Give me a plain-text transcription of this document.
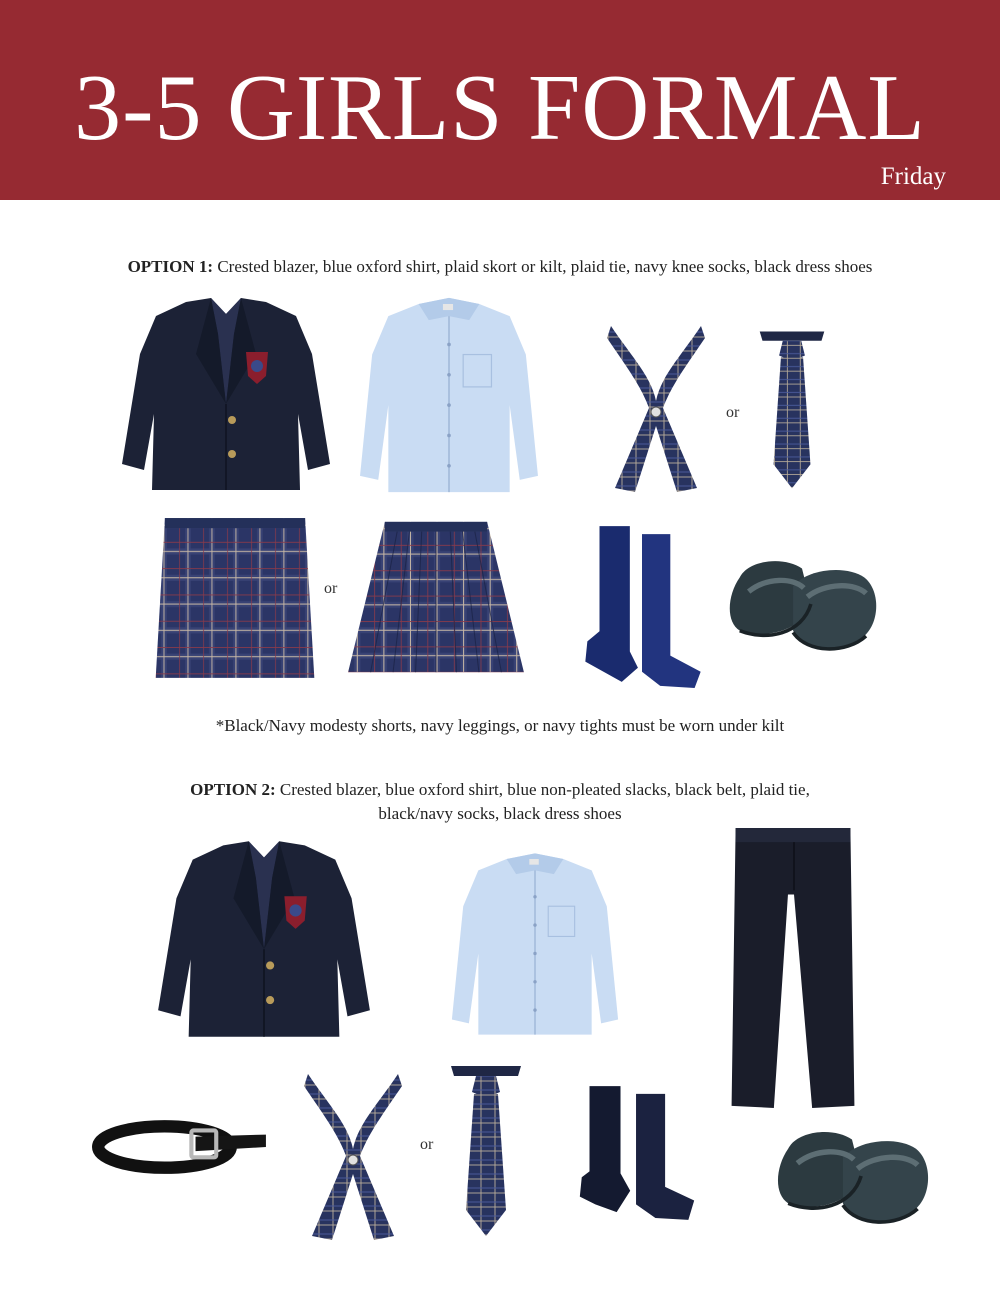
3-5 GIRLS FORMAL
Friday
OPTION 1: Crested blazer, blue oxford shirt, plaid skort or kilt, plaid tie, navy knee socks, black dress shoes
or
or
*Black/Navy modesty shorts, navy leggings, or navy tights must be worn under kilt
OPTION 2: Crested blazer, blue oxford shirt, blue non-pleated slacks, black belt, plaid tie,
black/navy socks, black dress shoes
or
